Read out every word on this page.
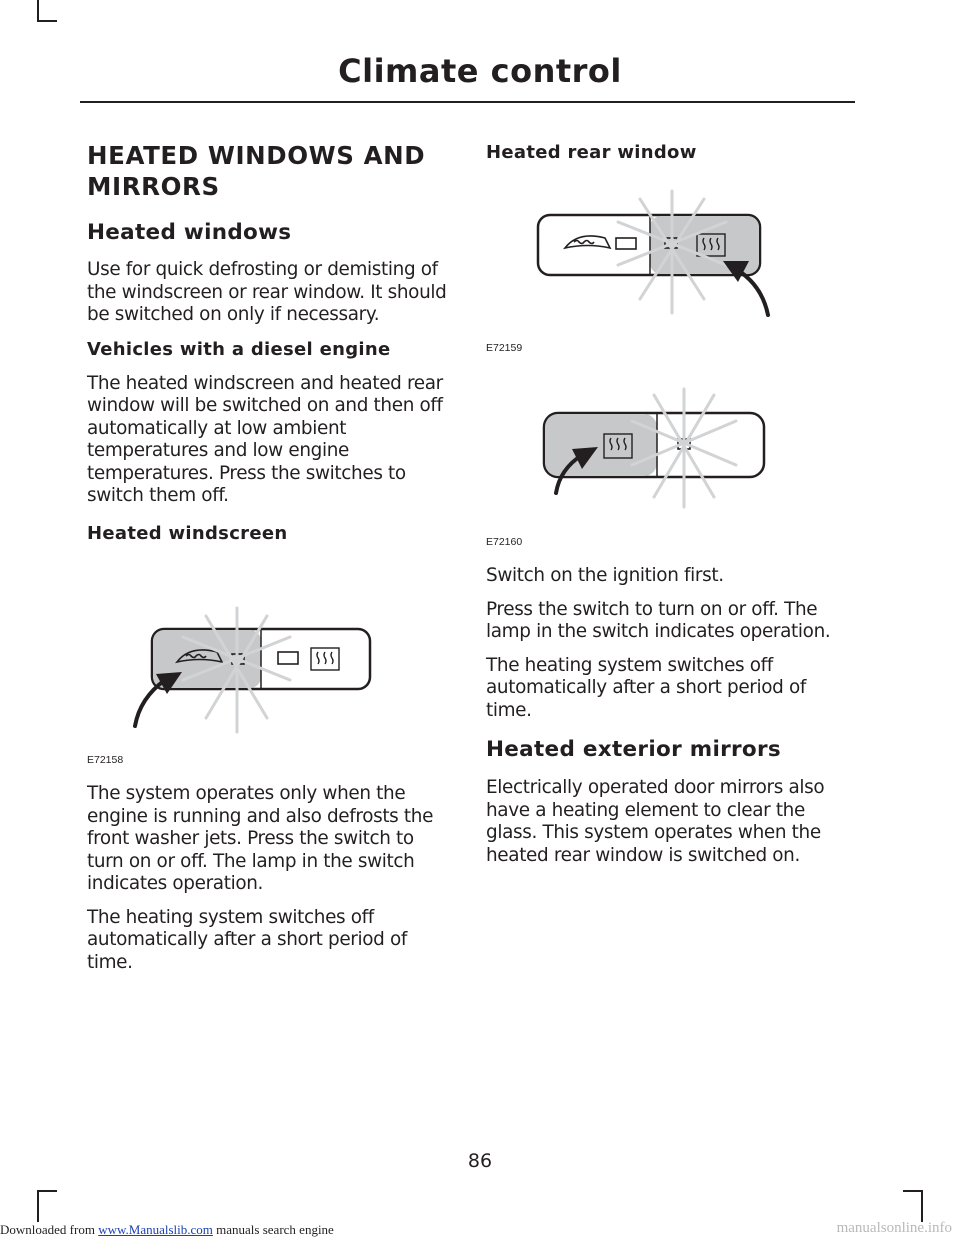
Climate control
HEATED WINDOWS AND MIRRORS
Heated windows

Use for quick defrosting or demisting of the windscreen or rear window. It should be switched on only if necessary.

Vehicles with a diesel engine

The heated windscreen and heated rear window will be switched on and then off automatically at low ambient temperatures and low engine temperatures. Press the switches to switch them off.

Heated windscreen
E72158

The system operates only when the engine is running and also defrosts the front washer jets. Press the switch to turn on or off. The lamp in the switch indicates operation.

The heating system switches off automatically after a short period of time.

Heated rear window
E72159
E72160

Switch on the ignition first.

Press the switch to turn on or off. The lamp in the switch indicates operation.

The heating system switches off automatically after a short period of time.

Heated exterior mirrors

Electrically operated door mirrors also have a heating element to clear the glass. This system operates when the heated rear window is switched on.

86
Downloaded from www.Manualslib.com manuals search engine	manualsonline.info
